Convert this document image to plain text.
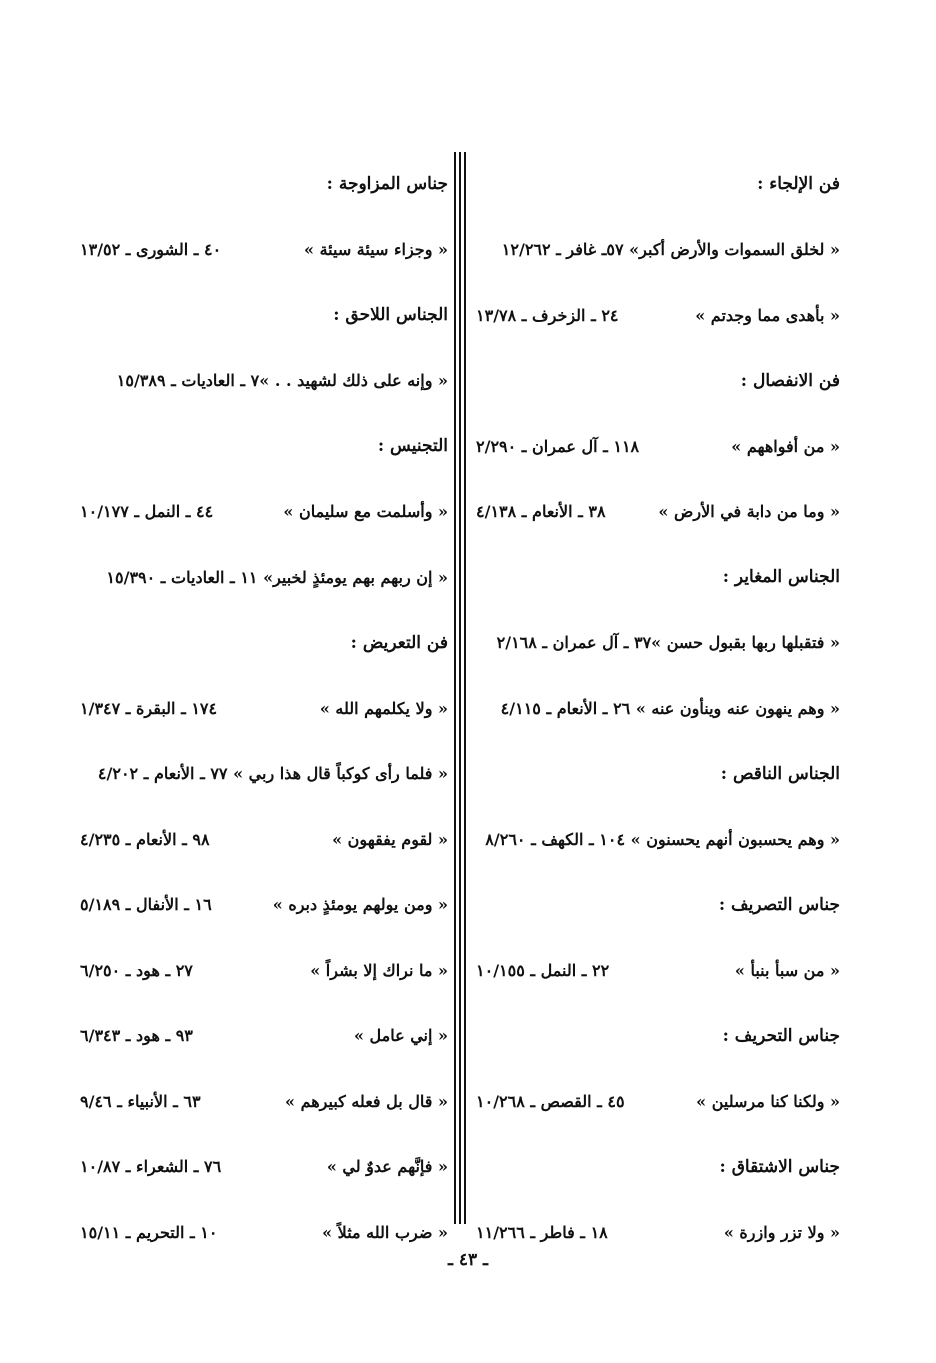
فن الإلجاء :
« لخلق السموات والأرض أكبر» ٥٧ـ غافر ـ ١٢/٢٦٢
« بأهدى مما وجدتم »
٢٤ ـ الزخرف ـ ١٣/٧٨
فن الانفصال :
« من أفواههم »
١١٨ ـ آل عمران ـ ٢/٢٩٠
« وما من دابة في الأرض »
٣٨ ـ الأنعام ـ ٤/١٣٨
الجناس المغاير :
« فتقبلها ربها بقبول حسن »٣٧ ـ آل عمران ـ ٢/١٦٨
« وهم ينهون عنه وينأون عنه » ٢٦ ـ الأنعام ـ ٤/١١٥
الجناس الناقص :
« وهم يحسبون أنهم يحسنون » ١٠٤ ـ الكهف ـ ٨/٢٦٠
جناس التصريف :
« من سبأ بنبأ »
٢٢ ـ النمل ـ ١٠/١٥٥
جناس التحريف :
« ولكنا كنا مرسلين »
٤٥ ـ القصص ـ ١٠/٢٦٨
جناس الاشتقاق :
« ولا تزر وازرة »
١٨ ـ فاطر ـ ١١/٢٦٦
جناس المزاوجة :
« وجزاء سيئة سيئة »
٤٠ ـ الشورى ـ ١٣/٥٢
الجناس اللاحق :
« وإنه على ذلك لشهيد . . »٧ ـ العاديات ـ ١٥/٣٨٩
التجنيس :
« وأسلمت مع سليمان »
٤٤ ـ النمل ـ ١٠/١٧٧
« إن ربهم بهم يومئذٍ لخبير» ١١ ـ العاديات ـ ١٥/٣٩٠
فن التعريض :
« ولا يكلمهم الله »
١٧٤ ـ البقرة ـ ١/٣٤٧
« فلما رأى كوكباً قال هذا ربي » ٧٧ ـ الأنعام ـ ٤/٢٠٢
« لقوم يفقهون »
٩٨ ـ الأنعام ـ ٤/٢٣٥
« ومن يولهم يومئذٍ دبره »
١٦ ـ الأنفال ـ ٥/١٨٩
« ما نراك إلا بشراً »
٢٧ ـ هود ـ ٦/٢٥٠
« إني عامل »
٩٣ ـ هود ـ ٦/٣٤٣
« قال بل فعله كبيرهم »
٦٣ ـ الأنبياء ـ ٩/٤٦
« فإنَّهم عدوٌ لي »
٧٦ ـ الشعراء ـ ١٠/٨٧
« ضرب الله مثلاً »
١٠ ـ التحريم ـ ١٥/١١
ـ ٤٣ ـ
